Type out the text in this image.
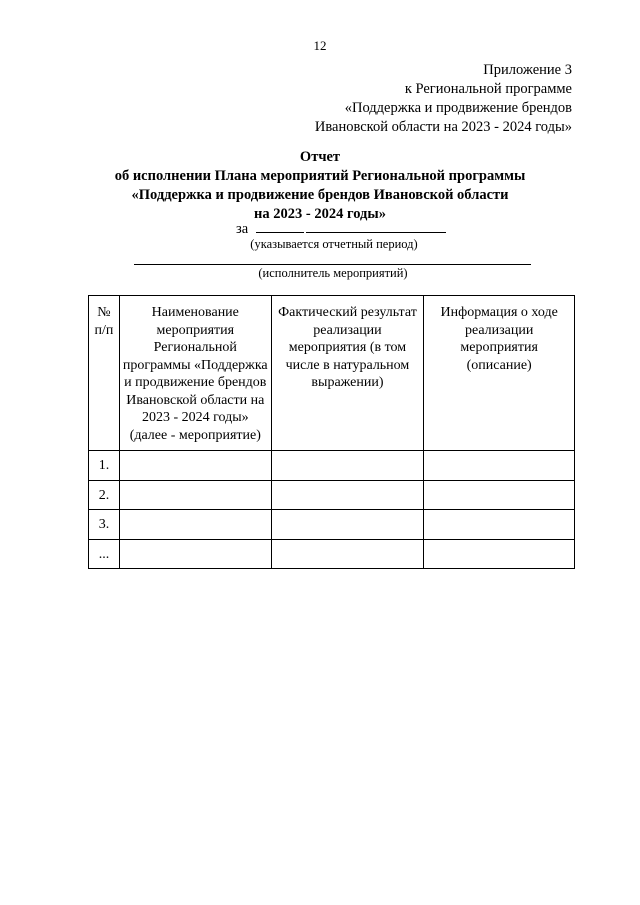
12
Приложение 3
к Региональной программе
«Поддержка и продвижение брендов
Ивановской области на 2023 - 2024 годы»
Отчет
об исполнении Плана мероприятий Региональной программы
«Поддержка и продвижение брендов Ивановской области
на 2023 - 2024 годы»
за
(указывается отчетный период)
(исполнитель мероприятий)
№ п/п	Наименование мероприятия Региональной программы «Поддержка и продвижение брендов Ивановской области на 2023 - 2024 годы» (далее - мероприятие)	Фактический результат реализации мероприятия (в том числе в натуральном выражении)	Информация о ходе реализации мероприятия (описание)
1.			
2.			
3.			
...			
